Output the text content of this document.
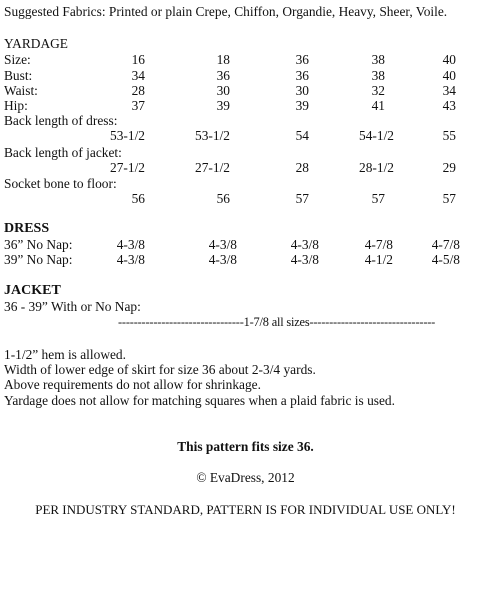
Suggested Fabrics: Printed or plain Crepe, Chiffon, Organdie, Heavy, Sheer, Voile.
YARDAGE
Size:	16	18	36	38	40
Bust:	34	36	36	38	40
Waist:	28	30	30	32	34
Hip:	37	39	39	41	43
Back length of dress:
53-1/2	53-1/2	54	54-1/2	55
Back length of jacket:
27-1/2	27-1/2	28	28-1/2	29
Socket bone to floor:
56	56	57	57	57
DRESS
36” No Nap:	4-3/8	4-3/8	4-3/8	4-7/8	4-7/8
39” No Nap:	4-3/8	4-3/8	4-3/8	4-1/2	4-5/8
JACKET
36 - 39” With or No Nap:
--------------------------------1-7/8 all sizes--------------------------------
1-1/2” hem is allowed.
Width of lower edge of skirt for size 36 about 2-3/4 yards.
Above requirements do not allow for shrinkage.
Yardage does not allow for matching squares when a plaid fabric is used.
This pattern fits size 36.
© EvaDress, 2012
PER INDUSTRY STANDARD, PATTERN IS FOR INDIVIDUAL USE ONLY!
